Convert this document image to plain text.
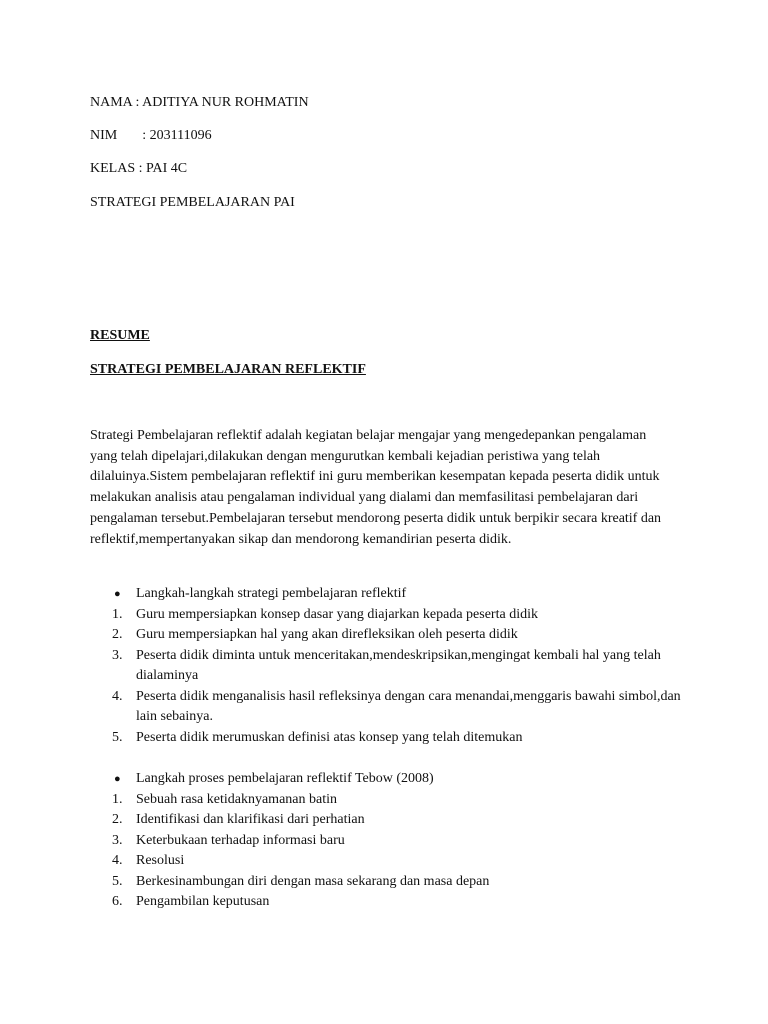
NAMA : ADITIYA NUR ROHMATIN
NIM : 203111096
KELAS : PAI 4C
STRATEGI PEMBELAJARAN PAI
RESUME
STRATEGI PEMBELAJARAN REFLEKTIF

Strategi Pembelajaran reflektif adalah kegiatan belajar mengajar yang mengedepankan pengalaman yang telah dipelajari,dilakukan dengan mengurutkan kembali kejadian peristiwa yang telah dilaluinya.Sistem pembelajaran reflektif ini guru memberikan kesempatan kepada peserta didik untuk melakukan analisis atau pengalaman individual yang dialami dan memfasilitasi pembelajaran dari pengalaman tersebut.Pembelajaran tersebut mendorong peserta didik untuk berpikir secara kreatif dan reflektif,mempertanyakan sikap dan mendorong kemandirian peserta didik.

● Langkah-langkah strategi pembelajaran reflektif
1. Guru mempersiapkan konsep dasar yang diajarkan kepada peserta didik
2. Guru mempersiapkan hal yang akan direfleksikan oleh peserta didik
3. Peserta didik diminta untuk menceritakan,mendeskripsikan,mengingat kembali hal yang telah dialaminya
4. Peserta didik menganalisis hasil refleksinya dengan cara menandai,menggaris bawahi simbol,dan lain sebainya.
5. Peserta didik merumuskan definisi atas konsep yang telah ditemukan
● Langkah proses pembelajaran reflektif Tebow (2008)
1. Sebuah rasa ketidaknyamanan batin
2. Identifikasi dan klarifikasi dari perhatian
3. Keterbukaan terhadap informasi baru
4. Resolusi
5. Berkesinambungan diri dengan masa sekarang dan masa depan
6. Pengambilan keputusan
